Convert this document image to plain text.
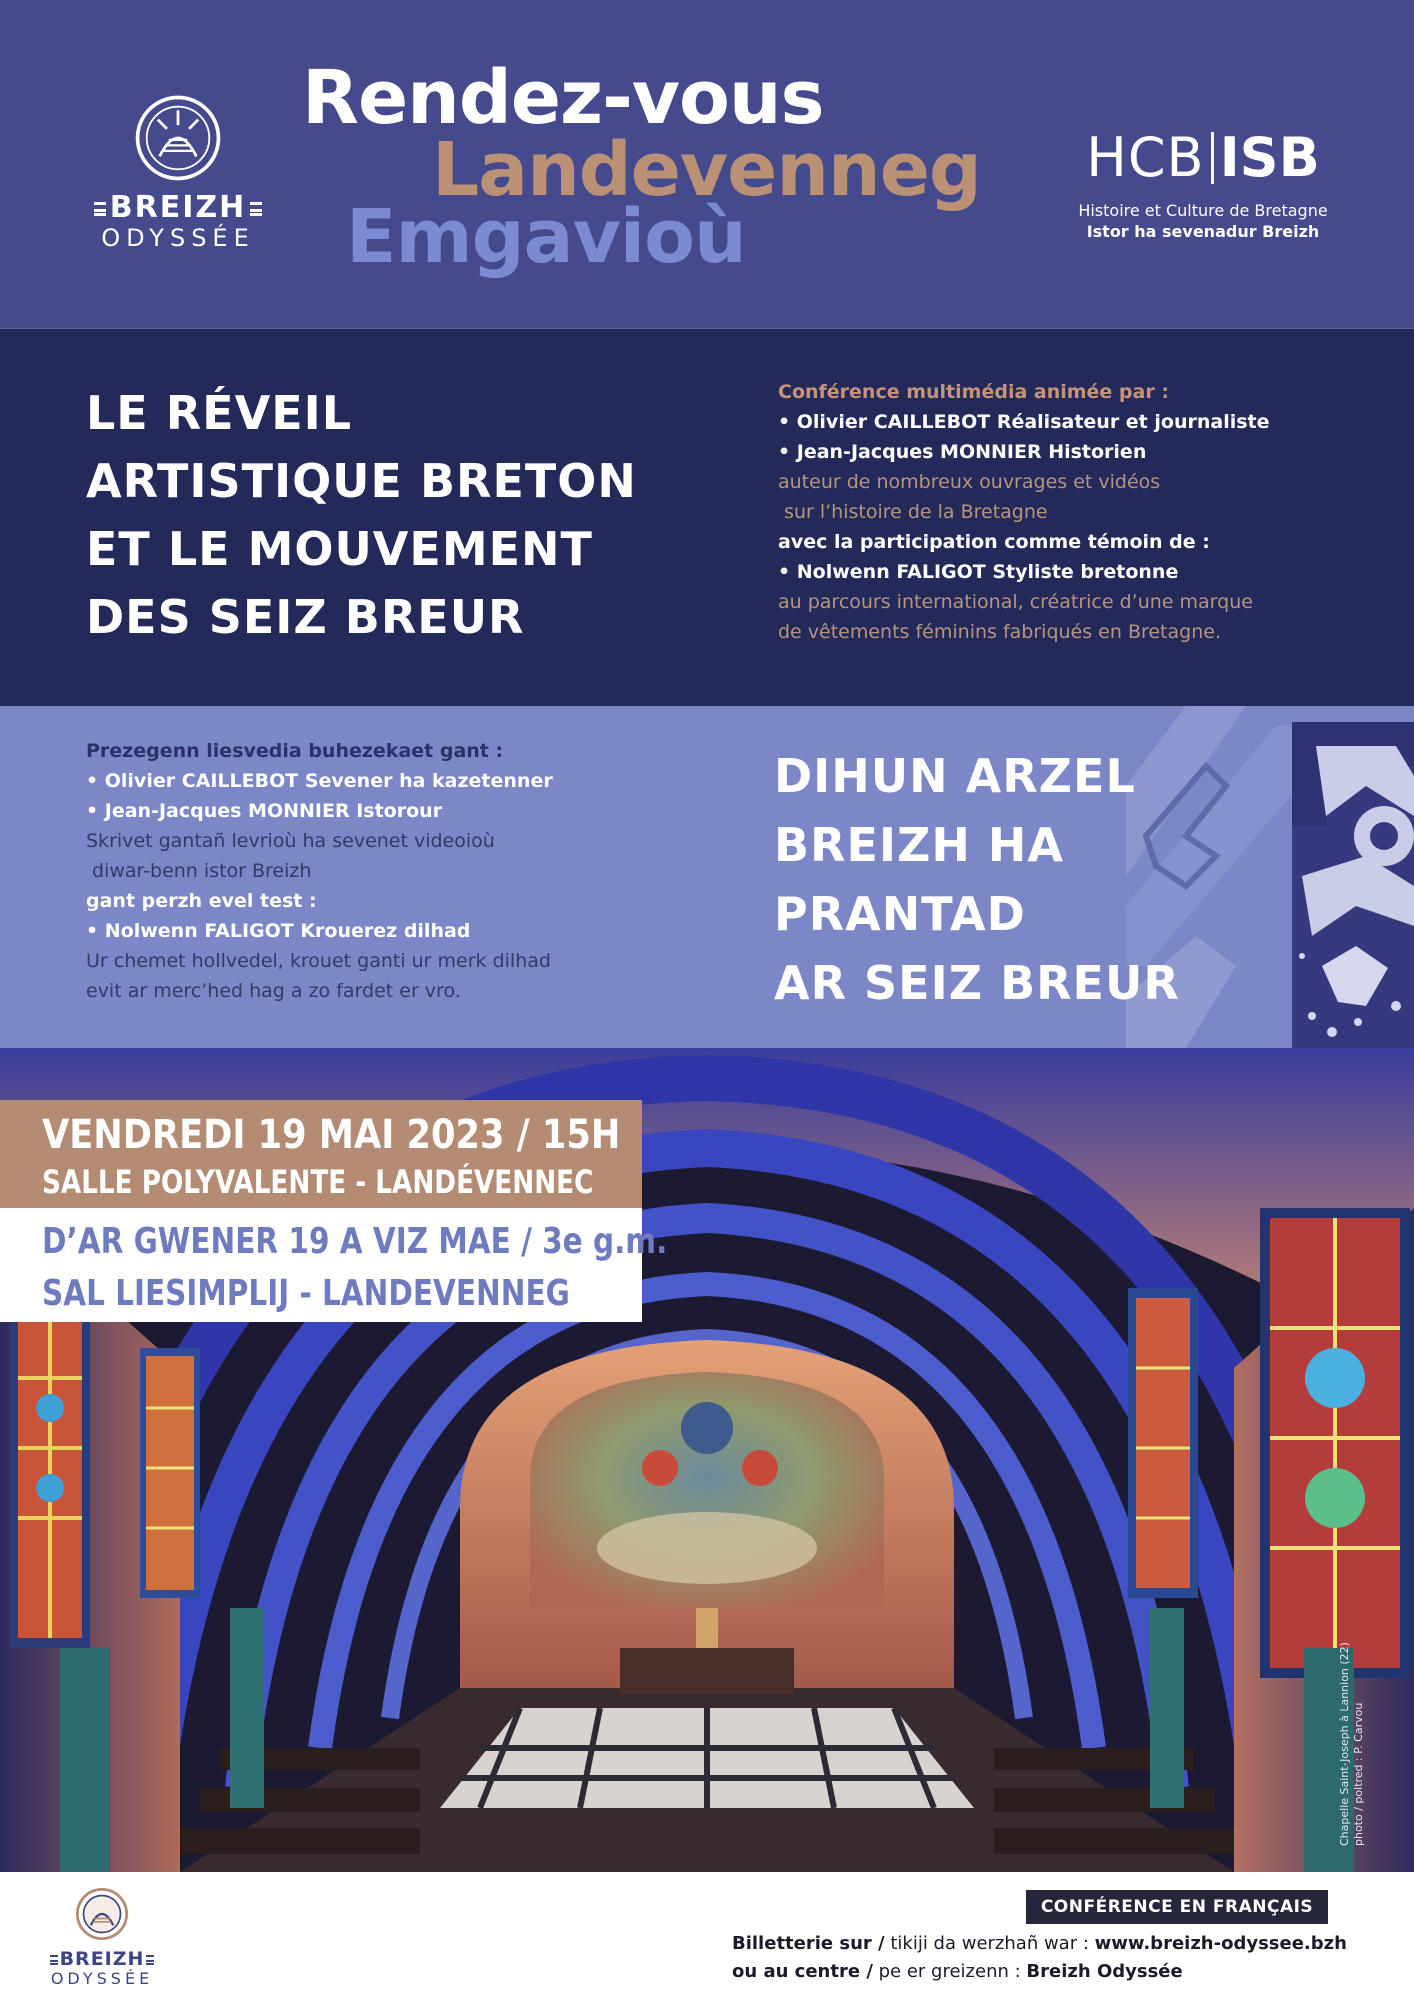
BREIZH
ODYSSÉE
Rendez-vous
Landevenneg
Emgavioù
HCB ISB
Histoire et Culture de Bretagne
Istor ha sevenadur Breizh
LE RÉVEIL
ARTISTIQUE BRETON
ET LE MOUVEMENT
DES SEIZ BREUR
Conférence multimédia animée par :
• Olivier CAILLEBOT Réalisateur et journaliste
• Jean-Jacques MONNIER Historien
auteur de nombreux ouvrages et vidéos
sur l’histoire de la Bretagne
avec la participation comme témoin de :
• Nolwenn FALIGOT Styliste bretonne
au parcours international, créatrice d’une marque
de vêtements féminins fabriqués en Bretagne.
Prezegenn liesvedia buhezekaet gant :
• Olivier CAILLEBOT Sevener ha kazetenner
• Jean-Jacques MONNIER Istorour
Skrivet gantañ levrioù ha sevenet videoioù
diwar-benn istor Breizh
gant perzh evel test :
• Nolwenn FALIGOT Krouerez dilhad
Ur chemet hollvedel, krouet ganti ur merk dilhad
evit ar merc’hed hag a zo fardet er vro.
DIHUN ARZEL
BREIZH HA
PRANTAD
AR SEIZ BREUR
VENDREDI 19 MAI 2023 / 15H
SALLE POLYVALENTE - LANDÉVENNEC
D’AR GWENER 19 A VIZ MAE / 3e g.m.
SAL LIESIMPLIJ - LANDEVENNEG
Chapelle Saint-Joseph à Lannion (22) photo / poltred : P. Carvou
BREIZH
ODYSSÉE
CONFÉRENCE EN FRANÇAIS
Billetterie sur / tikiji da werzhañ war : www.breizh-odyssee.bzh
ou au centre / pe er greizenn : Breizh Odyssée
